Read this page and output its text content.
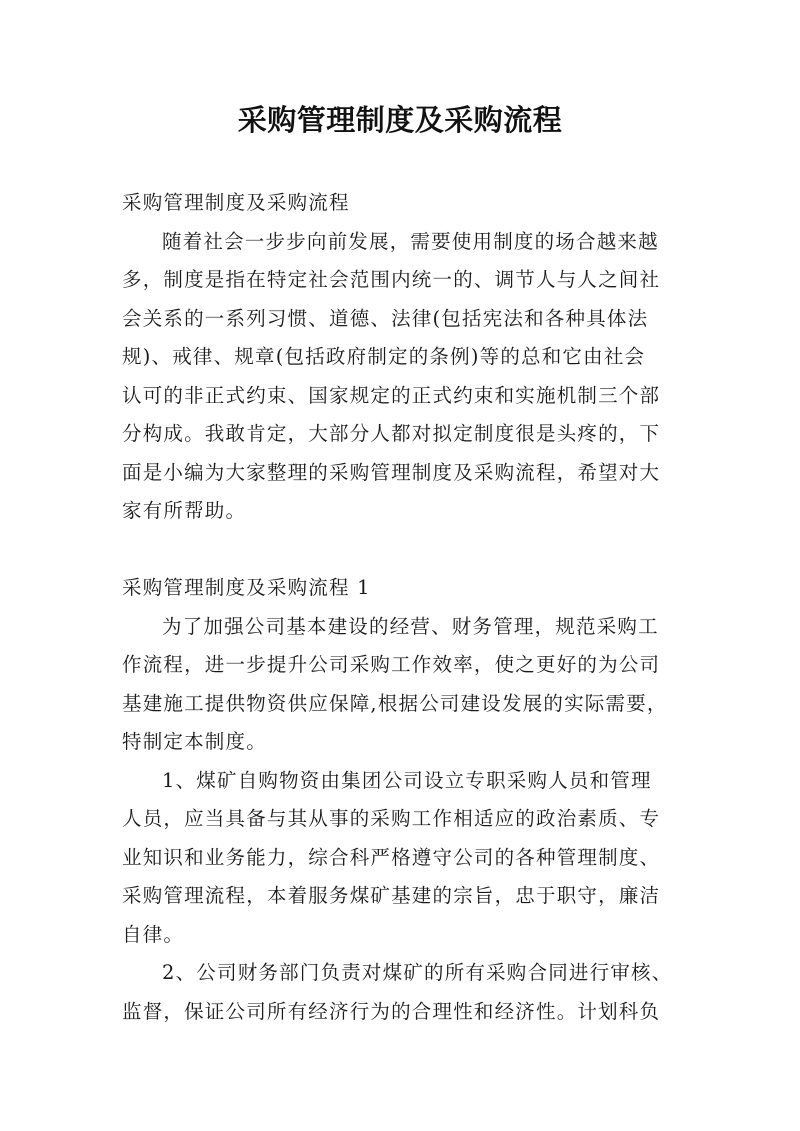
采购管理制度及采购流程
采购管理制度及采购流程
随着社会一步步向前发展，需要使用制度的场合越来越
多，制度是指在特定社会范围内统一的、调节人与人之间社
会关系的一系列习惯、道德、法律(包括宪法和各种具体法
规)、戒律、规章(包括政府制定的条例)等的总和它由社会
认可的非正式约束、国家规定的正式约束和实施机制三个部
分构成。我敢肯定，大部分人都对拟定制度很是头疼的，下
面是小编为大家整理的采购管理制度及采购流程，希望对大
家有所帮助。
采购管理制度及采购流程 1
为了加强公司基本建设的经营、财务管理，规范采购工
作流程，进一步提升公司采购工作效率，使之更好的为公司
基建施工提供物资供应保障,根据公司建设发展的实际需要，
特制定本制度。
1、煤矿自购物资由集团公司设立专职采购人员和管理
人员，应当具备与其从事的采购工作相适应的政治素质、专
业知识和业务能力，综合科严格遵守公司的各种管理制度、
采购管理流程，本着服务煤矿基建的宗旨，忠于职守，廉洁
自律。
2、公司财务部门负责对煤矿的所有采购合同进行审核、
监督，保证公司所有经济行为的合理性和经济性。计划科负
